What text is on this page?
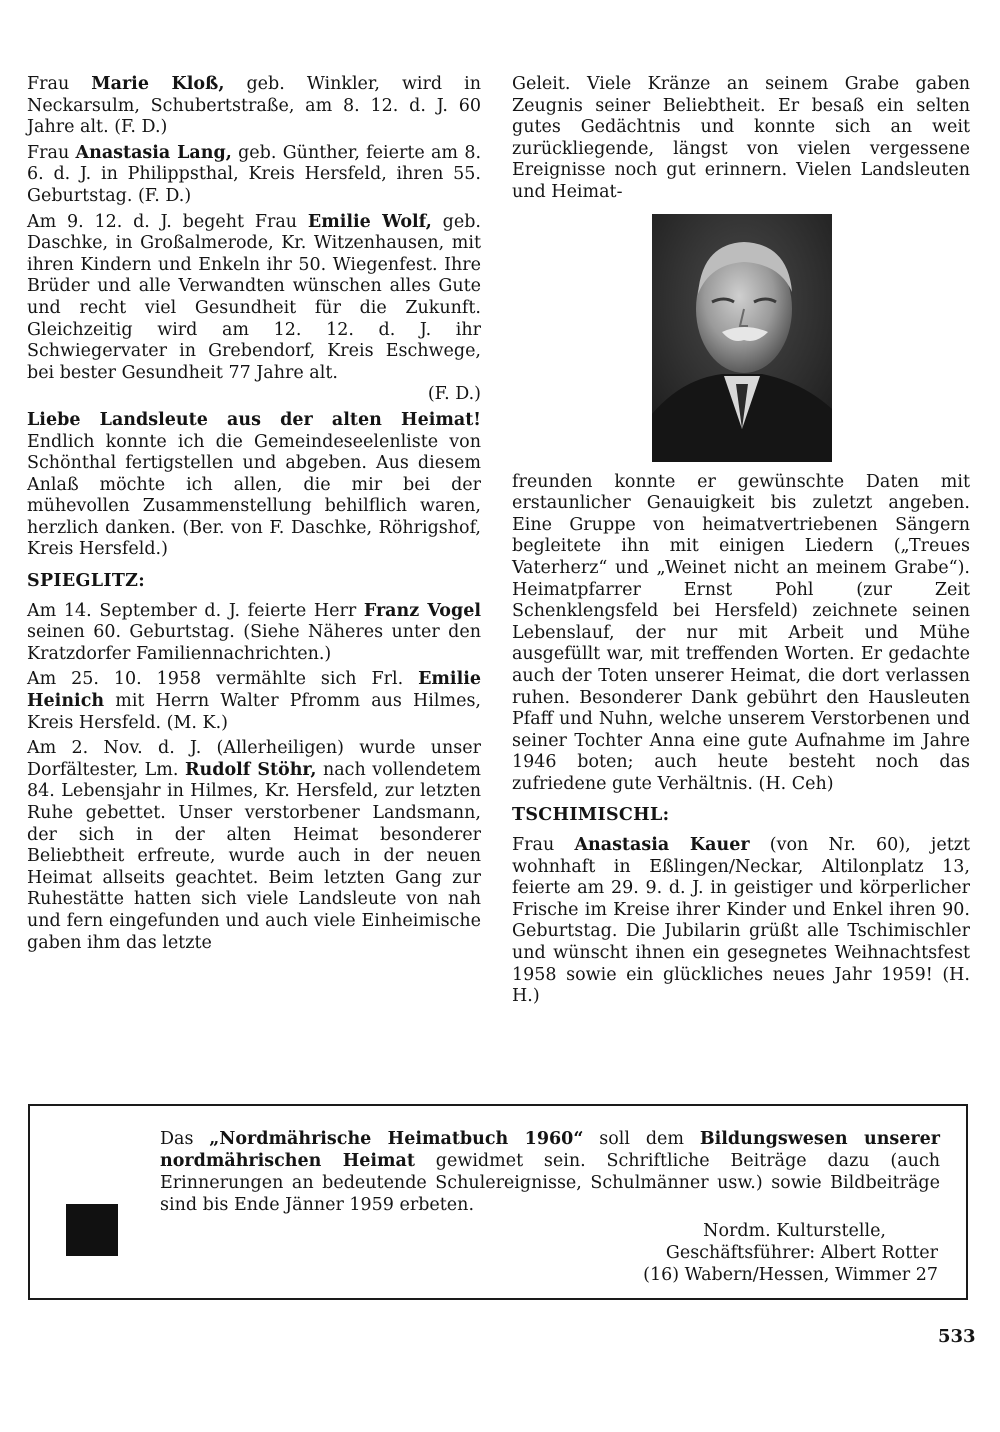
Frau Marie Kloß, geb. Winkler, wird in Neckarsulm, Schubertstraße, am 8. 12. d. J. 60 Jahre alt. (F. D.)

Frau Anastasia Lang, geb. Günther, feierte am 8. 6. d. J. in Philippsthal, Kreis Hersfeld, ihren 55. Geburtstag. (F. D.)

Am 9. 12. d. J. begeht Frau Emilie Wolf, geb. Daschke, in Großalmerode, Kr. Witzenhausen, mit ihren Kindern und Enkeln ihr 50. Wiegenfest. Ihre Brüder und alle Verwandten wünschen alles Gute und recht viel Gesundheit für die Zukunft. Gleichzeitig wird am 12. 12. d. J. ihr Schwiegervater in Grebendorf, Kreis Eschwege, bei bester Gesundheit 77 Jahre alt.

(F. D.)

Liebe Landsleute aus der alten Heimat! Endlich konnte ich die Gemeindeseelenliste von Schönthal fertigstellen und abgeben. Aus diesem Anlaß möchte ich allen, die mir bei der mühevollen Zusammenstellung behilflich waren, herzlich danken. (Ber. von F. Daschke, Röhrigshof, Kreis Hersfeld.)

SPIEGLITZ:

Am 14. September d. J. feierte Herr Franz Vogel seinen 60. Geburtstag. (Siehe Näheres unter den Kratzdorfer Familiennachrichten.)

Am 25. 10. 1958 vermählte sich Frl. Emilie Heinich mit Herrn Walter Pfromm aus Hilmes, Kreis Hersfeld. (M. K.)

Am 2. Nov. d. J. (Allerheiligen) wurde unser Dorfältester, Lm. Rudolf Stöhr, nach vollendetem 84. Lebensjahr in Hilmes, Kr. Hersfeld, zur letzten Ruhe gebettet. Unser verstorbener Landsmann, der sich in der alten Heimat besonderer Beliebtheit erfreute, wurde auch in der neuen Heimat allseits geachtet. Beim letzten Gang zur Ruhestätte hatten sich viele Landsleute von nah und fern eingefunden und auch viele Einheimische gaben ihm das letzte

Geleit. Viele Kränze an seinem Grabe gaben Zeugnis seiner Beliebtheit. Er besaß ein selten gutes Gedächtnis und konnte sich an weit zurückliegende, längst von vielen vergessene Ereignisse noch gut erinnern. Vielen Landsleuten und Heimat-

freunden konnte er gewünschte Daten mit erstaunlicher Genauigkeit bis zuletzt angeben. Eine Gruppe von heimatvertriebenen Sängern begleitete ihn mit einigen Liedern („Treues Vaterherz“ und „Weinet nicht an meinem Grabe“). Heimatpfarrer Ernst Pohl (zur Zeit Schenklengsfeld bei Hersfeld) zeichnete seinen Lebenslauf, der nur mit Arbeit und Mühe ausgefüllt war, mit treffenden Worten. Er gedachte auch der Toten unserer Heimat, die dort verlassen ruhen. Besonderer Dank gebührt den Hausleuten Pfaff und Nuhn, welche unserem Verstorbenen und seiner Tochter Anna eine gute Aufnahme im Jahre 1946 boten; auch heute besteht noch das zufriedene gute Verhältnis. (H. Ceh)

TSCHIMISCHL:

Frau Anastasia Kauer (von Nr. 60), jetzt wohnhaft in Eßlingen/Neckar, Altilonplatz 13, feierte am 29. 9. d. J. in geistiger und körperlicher Frische im Kreise ihrer Kinder und Enkel ihren 90. Geburtstag. Die Jubilarin grüßt alle Tschimischler und wünscht ihnen ein gesegnetes Weihnachtsfest 1958 sowie ein glückliches neues Jahr 1959! (H. H.)

Das „Nordmährische Heimatbuch 1960“ soll dem Bildungswesen unserer nordmährischen Heimat gewidmet sein. Schriftliche Beiträge dazu (auch Erinnerungen an bedeutende Schulereignisse, Schulmänner usw.) sowie Bildbeiträge sind bis Ende Jänner 1959 erbeten.
Nordm. Kulturstelle,
Geschäftsführer: Albert Rotter
(16) Wabern/Hessen, Wimmer 27
533
